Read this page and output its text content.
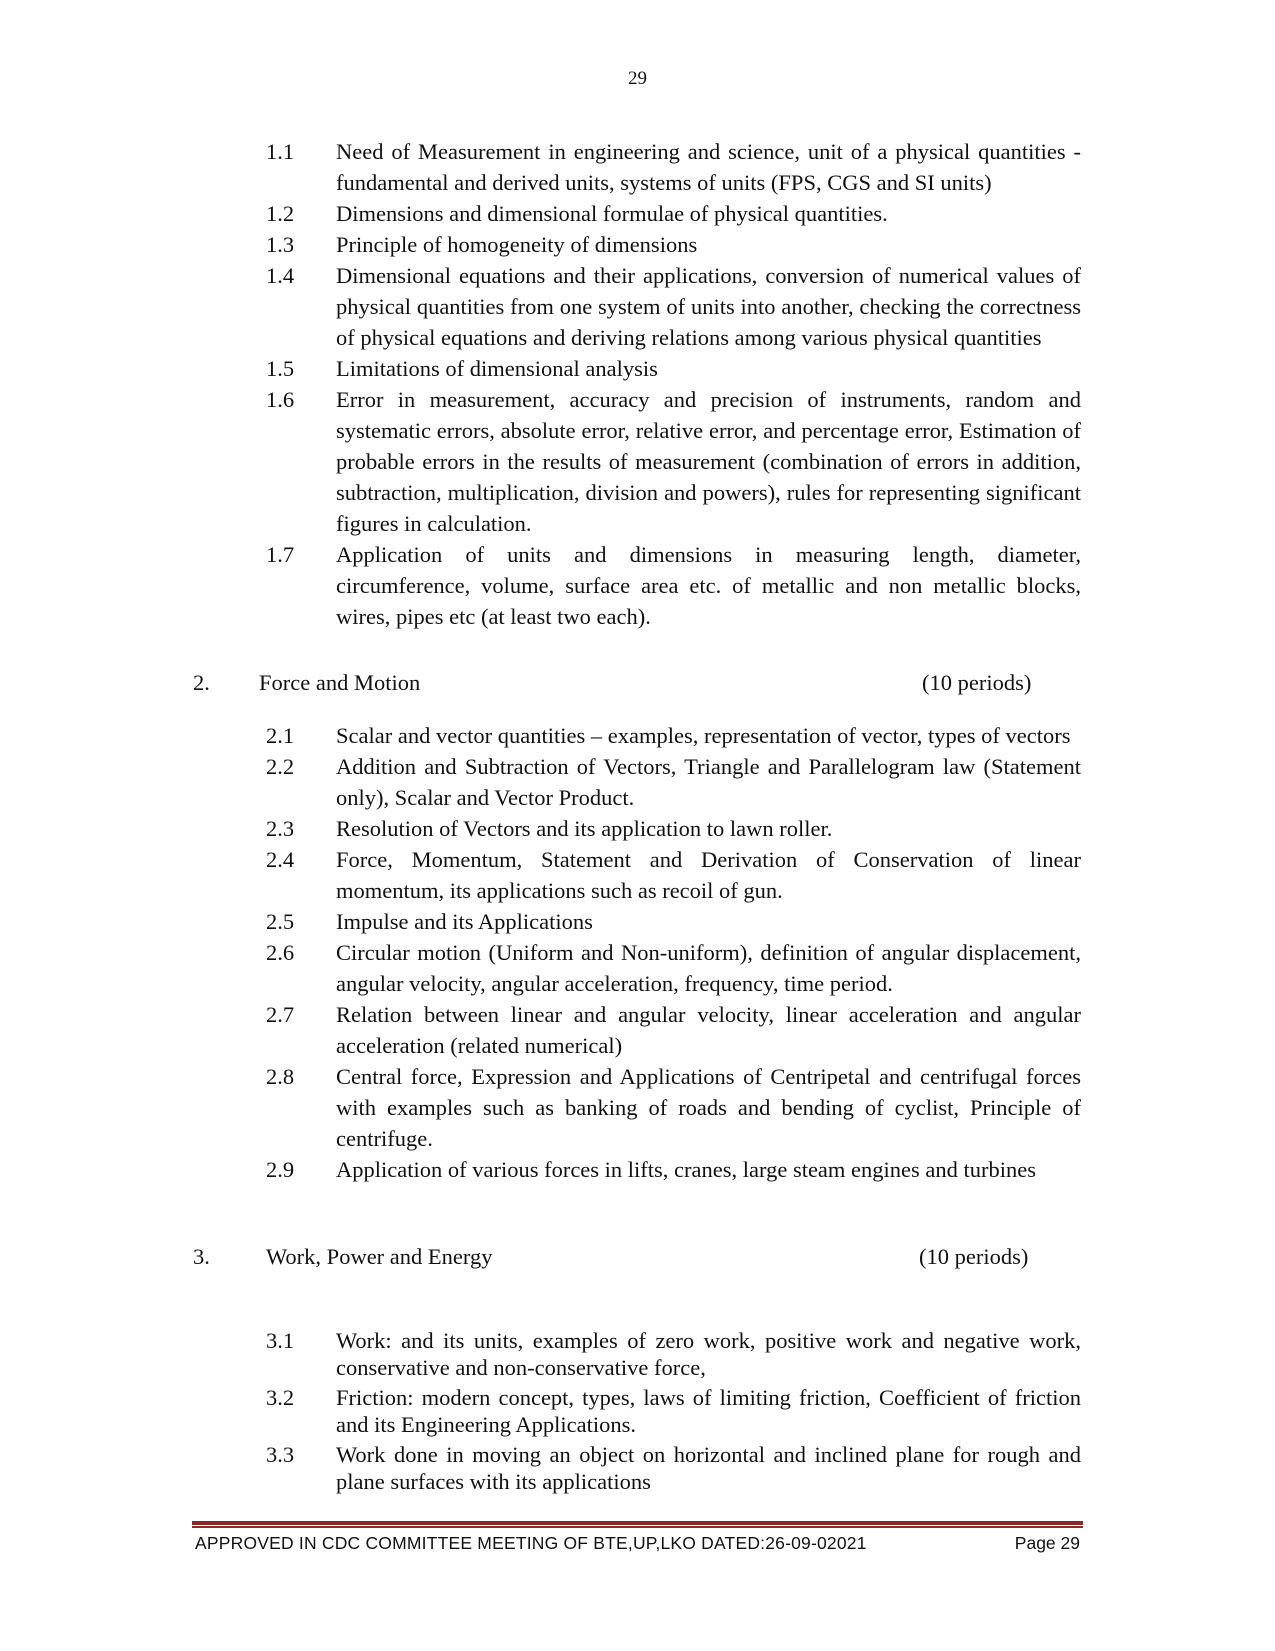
29
1.1	Need of Measurement in engineering and science, unit of a physical quantities - fundamental and derived units, systems of units (FPS, CGS and SI units)
1.2	Dimensions and dimensional formulae of physical quantities.
1.3	Principle of homogeneity of dimensions
1.4	Dimensional equations and their applications, conversion of numerical values of physical quantities from one system of units into another, checking the correctness of physical equations and deriving relations among various physical quantities
1.5	Limitations of dimensional analysis
1.6	Error in measurement, accuracy and precision of instruments, random and systematic errors, absolute error, relative error, and percentage error, Estimation of probable errors in the results of measurement (combination of errors in addition, subtraction, multiplication, division and powers), rules for representing significant figures in calculation.
1.7	Application of units and dimensions in measuring length, diameter, circumference, volume, surface area etc. of metallic and non metallic blocks, wires, pipes etc (at least two each).
2. Force and Motion	(10 periods)
2.1	Scalar and vector quantities – examples, representation of vector, types of vectors
2.2	Addition and Subtraction of Vectors, Triangle and Parallelogram law (Statement only), Scalar and Vector Product.
2.3	Resolution of Vectors and its application to lawn roller.
2.4	Force, Momentum, Statement and Derivation of Conservation of linear momentum, its applications such as recoil of gun.
2.5	Impulse and its Applications
2.6	Circular motion (Uniform and Non-uniform), definition of angular displacement, angular velocity, angular acceleration, frequency, time period.
2.7	Relation between linear and angular velocity, linear acceleration and angular acceleration (related numerical)
2.8	Central force, Expression and Applications of Centripetal and centrifugal forces with examples such as banking of roads and bending of cyclist, Principle of centrifuge.
2.9	Application of various forces in lifts, cranes, large steam engines and turbines
3. Work, Power and Energy	(10 periods)
3.1	Work: and its units, examples of zero work, positive work and negative work, conservative and non-conservative force,
3.2	Friction: modern concept, types, laws of limiting friction, Coefficient of friction and its Engineering Applications.
3.3	Work done in moving an object on horizontal and inclined plane for rough and plane surfaces with its applications
APPROVED IN CDC COMMITTEE MEETING OF BTE,UP,LKO DATED:26-09-02021	Page 29
